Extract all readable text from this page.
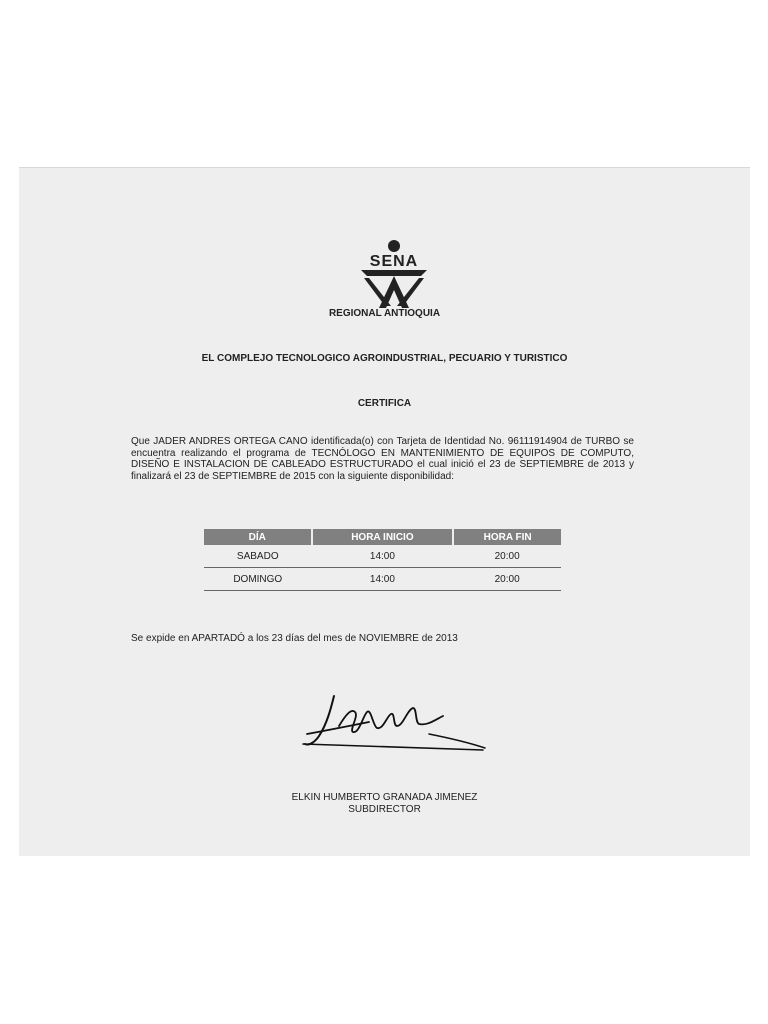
SENA
REGIONAL ANTIOQUIA
EL COMPLEJO TECNOLOGICO AGROINDUSTRIAL, PECUARIO Y TURISTICO
CERTIFICA
Que JADER ANDRES ORTEGA CANO identificada(o) con Tarjeta de Identidad No. 96111914904 de TURBO se encuentra realizando el programa de TECNÓLOGO EN MANTENIMIENTO DE EQUIPOS DE COMPUTO, DISEÑO E INSTALACION DE CABLEADO ESTRUCTURADO el cual inició el 23 de SEPTIEMBRE de 2013 y finalizará el 23 de SEPTIEMBRE de 2015 con la siguiente disponibilidad:
DÍA	HORA INICIO	HORA FIN
SABADO	14:00	20:00
DOMINGO	14:00	20:00
Se expide en APARTADÓ a los 23 días del mes de NOVIEMBRE de 2013
ELKIN HUMBERTO GRANADA JIMENEZ
SUBDIRECTOR
